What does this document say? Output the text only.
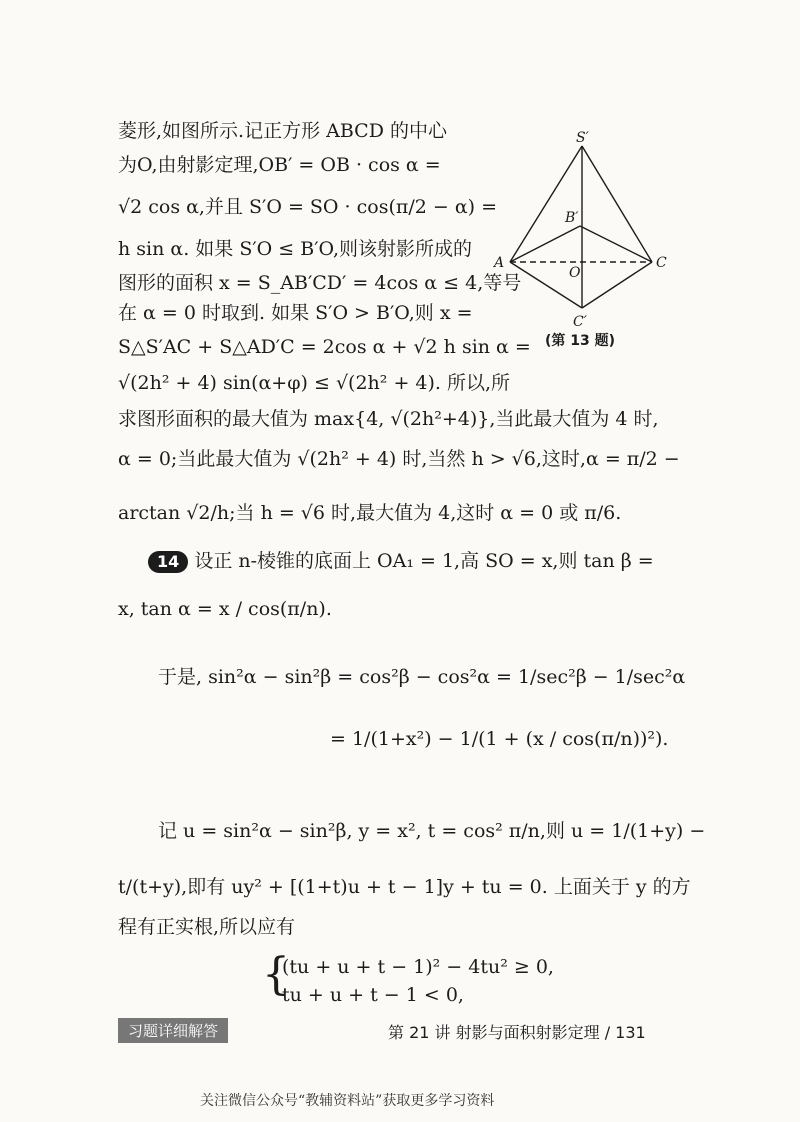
菱形,如图所示.记正方形 ABCD 的中心
为O,由射影定理,OB′ = OB · cos α =
√2 cos α,并且 S′O = SO · cos(π/2 − α) =
h sin α. 如果 S′O ≤ B′O,则该射影所成的
图形的面积 x = S_AB′CD′ = 4cos α ≤ 4,等号
在 α = 0 时取到. 如果 S′O > B′O,则 x =
S△S′AC + S△AD′C = 2cos α + √2 h sin α =
√(2h² + 4) sin(α+φ) ≤ √(2h² + 4). 所以,所
S′
B′
A
O
C
C′
(第 13 题)
求图形面积的最大值为 max{4, √(2h²+4)},当此最大值为 4 时,
α = 0;当此最大值为 √(2h² + 4) 时,当然 h > √6,这时,α = π/2 −
arctan √2/h;当 h = √6 时,最大值为 4,这时 α = 0 或 π/6.
14 设正 n-棱锥的底面上 OA₁ = 1,高 SO = x,则 tan β =
x, tan α = x / cos(π/n).
于是, sin²α − sin²β = cos²β − cos²α = 1/sec²β − 1/sec²α
= 1/(1+x²) − 1/(1 + (x / cos(π/n))²).
记 u = sin²α − sin²β, y = x², t = cos² π/n,则 u = 1/(1+y) −
t/(t+y),即有 uy² + [(1+t)u + t − 1]y + tu = 0. 上面关于 y 的方
程有正实根,所以应有
{
(tu + u + t − 1)² − 4tu² ≥ 0,
tu + u + t − 1 < 0,
习题详细解答	第 21 讲 射影与面积射影定理 / 131
关注微信公众号“教辅资料站”获取更多学习资料
